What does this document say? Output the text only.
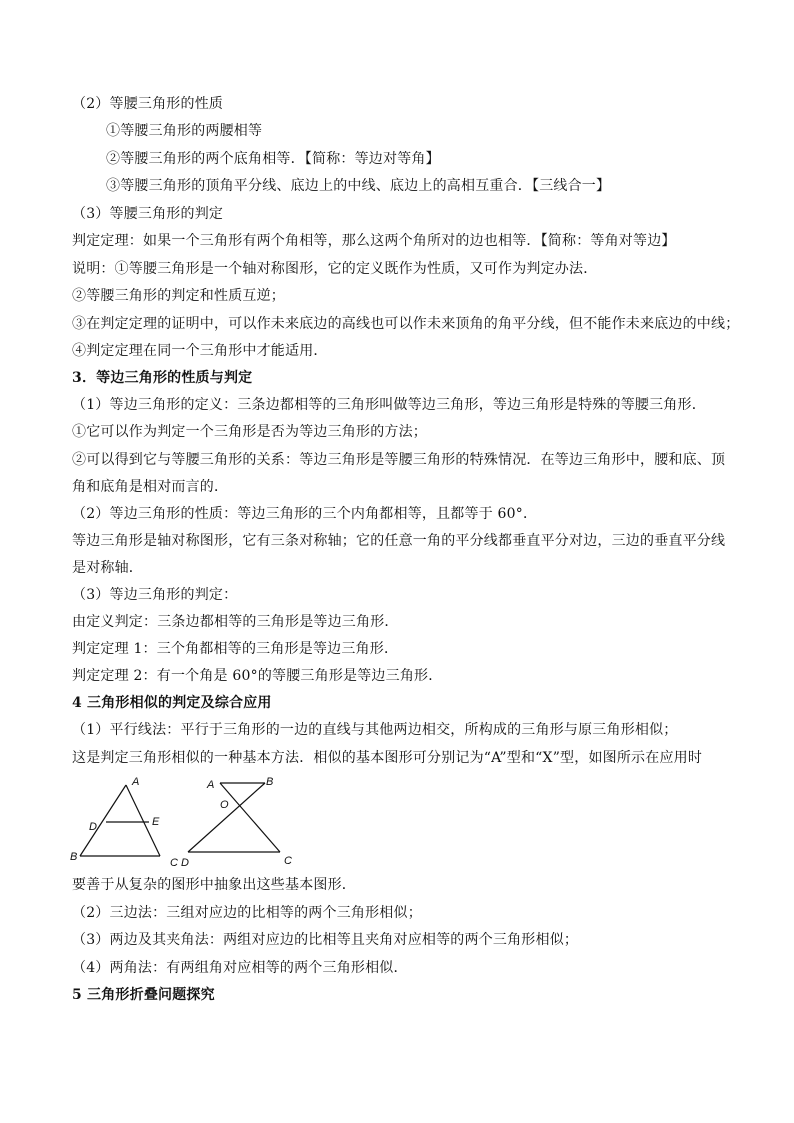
（2）等腰三角形的性质
①等腰三角形的两腰相等
②等腰三角形的两个底角相等．【简称：等边对等角】
③等腰三角形的顶角平分线、底边上的中线、底边上的高相互重合．【三线合一】
（3）等腰三角形的判定
判定定理：如果一个三角形有两个角相等，那么这两个角所对的边也相等．【简称：等角对等边】
说明：①等腰三角形是一个轴对称图形，它的定义既作为性质，又可作为判定办法．
②等腰三角形的判定和性质互逆；
③在判定定理的证明中，可以作未来底边的高线也可以作未来顶角的角平分线，但不能作未来底边的中线；
④判定定理在同一个三角形中才能适用．
3．等边三角形的性质与判定
（1）等边三角形的定义：三条边都相等的三角形叫做等边三角形，等边三角形是特殊的等腰三角形．
①它可以作为判定一个三角形是否为等边三角形的方法；
②可以得到它与等腰三角形的关系：等边三角形是等腰三角形的特殊情况．在等边三角形中，腰和底、顶
角和底角是相对而言的．
（2）等边三角形的性质：等边三角形的三个内角都相等，且都等于 60°．
等边三角形是轴对称图形，它有三条对称轴；它的任意一角的平分线都垂直平分对边，三边的垂直平分线
是对称轴．
（3）等边三角形的判定：
由定义判定：三条边都相等的三角形是等边三角形．
判定定理 1：三个角都相等的三角形是等边三角形．
判定定理 2：有一个角是 60°的等腰三角形是等边三角形．
4 三角形相似的判定及综合应用
（1）平行线法：平行于三角形的一边的直线与其他两边相交，所构成的三角形与原三角形相似；
这是判定三角形相似的一种基本方法．相似的基本图形可分别记为“A”型和“X”型，如图所示在应用时
A
D	E
B
A	B
O
C D	C
要善于从复杂的图形中抽象出这些基本图形．
（2）三边法：三组对应边的比相等的两个三角形相似；
（3）两边及其夹角法：两组对应边的比相等且夹角对应相等的两个三角形相似；
（4）两角法：有两组角对应相等的两个三角形相似．
5 三角形折叠问题探究
